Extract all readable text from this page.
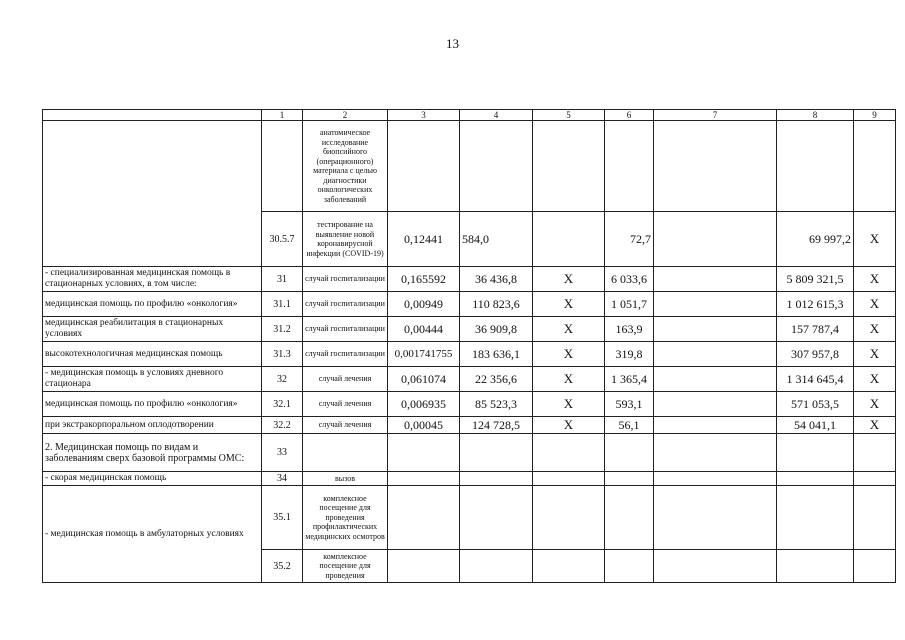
13
	1	2	3	4	5	6	7	8	9
		анатомическое исследование биопсийного (операционного) материала с целью диагностики онкологических заболеваний							
	30.5.7	тестирование на выявление новой коронавирусной инфекции (COVID-19)	0,12441	584,0		72,7		69 997,2	X
- специализированная медицинская помощь в стационарных условиях, в том числе:	31	случай госпитализации	0,165592	36 436,8	X	6 033,6		5 809 321,5	X
медицинская помощь по профилю «онкология»	31.1	случай госпитализации	0,00949	110 823,6	X	1 051,7		1 012 615,3	X
медицинская реабилитация в стационарных условиях	31.2	случай госпитализации	0,00444	36 909,8	X	163,9		157 787,4	X
высокотехнологичная медицинская помощь	31.3	случай госпитализации	0,001741755	183 636,1	X	319,8		307 957,8	X
- медицинская помощь в условиях дневного стационара	32	случай лечения	0,061074	22 356,6	X	1 365,4		1 314 645,4	X
медицинская помощь по профилю «онкология»	32.1	случай лечения	0,006935	85 523,3	X	593,1		571 053,5	X
при экстракорпоральном оплодотворении	32.2	случай лечения	0,00045	124 728,5	X	56,1		54 041,1	X
2. Медицинская помощь по видам и заболеваниям сверх базовой программы ОМС:	33								
- скорая медицинская помощь	34	вызов							
- медицинская помощь в амбулаторных условиях	35.1	комплексное посещение для проведения профилактических медицинских осмотров							
	35.2	комплексное посещение для проведения							
